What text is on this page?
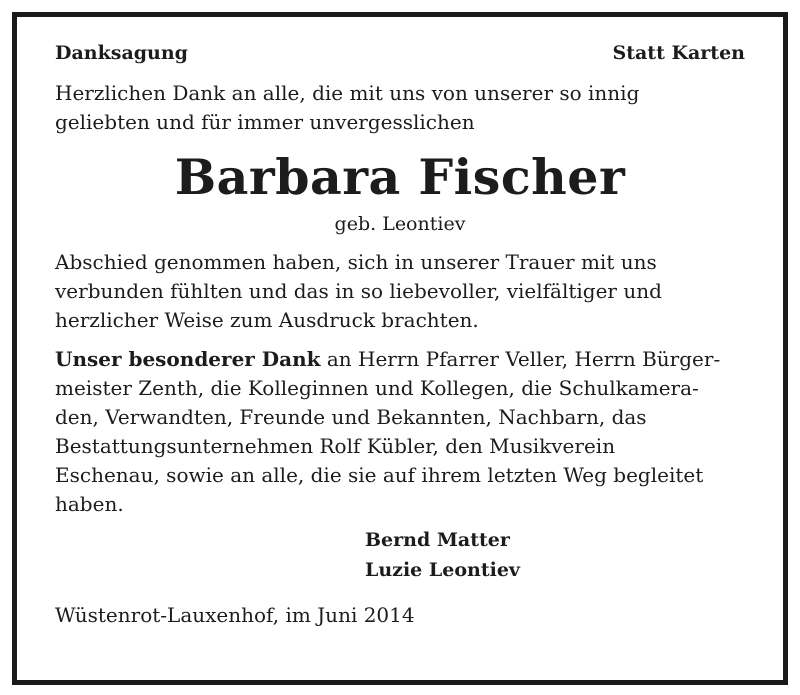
Danksagung	Statt Karten
Herzlichen Dank an alle, die mit uns von unserer so innig
geliebten und für immer unvergesslichen
Barbara Fischer
geb. Leontiev
Abschied genommen haben, sich in unserer Trauer mit uns
verbunden fühlten und das in so liebevoller, vielfältiger und
herzlicher Weise zum Ausdruck brachten.
Unser besonderer Dank an Herrn Pfarrer Veller, Herrn Bürger-
meister Zenth, die Kolleginnen und Kollegen, die Schulkamera-
den, Verwandten, Freunde und Bekannten, Nachbarn, das
Bestattungsunternehmen Rolf Kübler, den Musikverein
Eschenau, sowie an alle, die sie auf ihrem letzten Weg begleitet
haben.
Bernd Matter
Luzie Leontiev
Wüstenrot-Lauxenhof, im Juni 2014
